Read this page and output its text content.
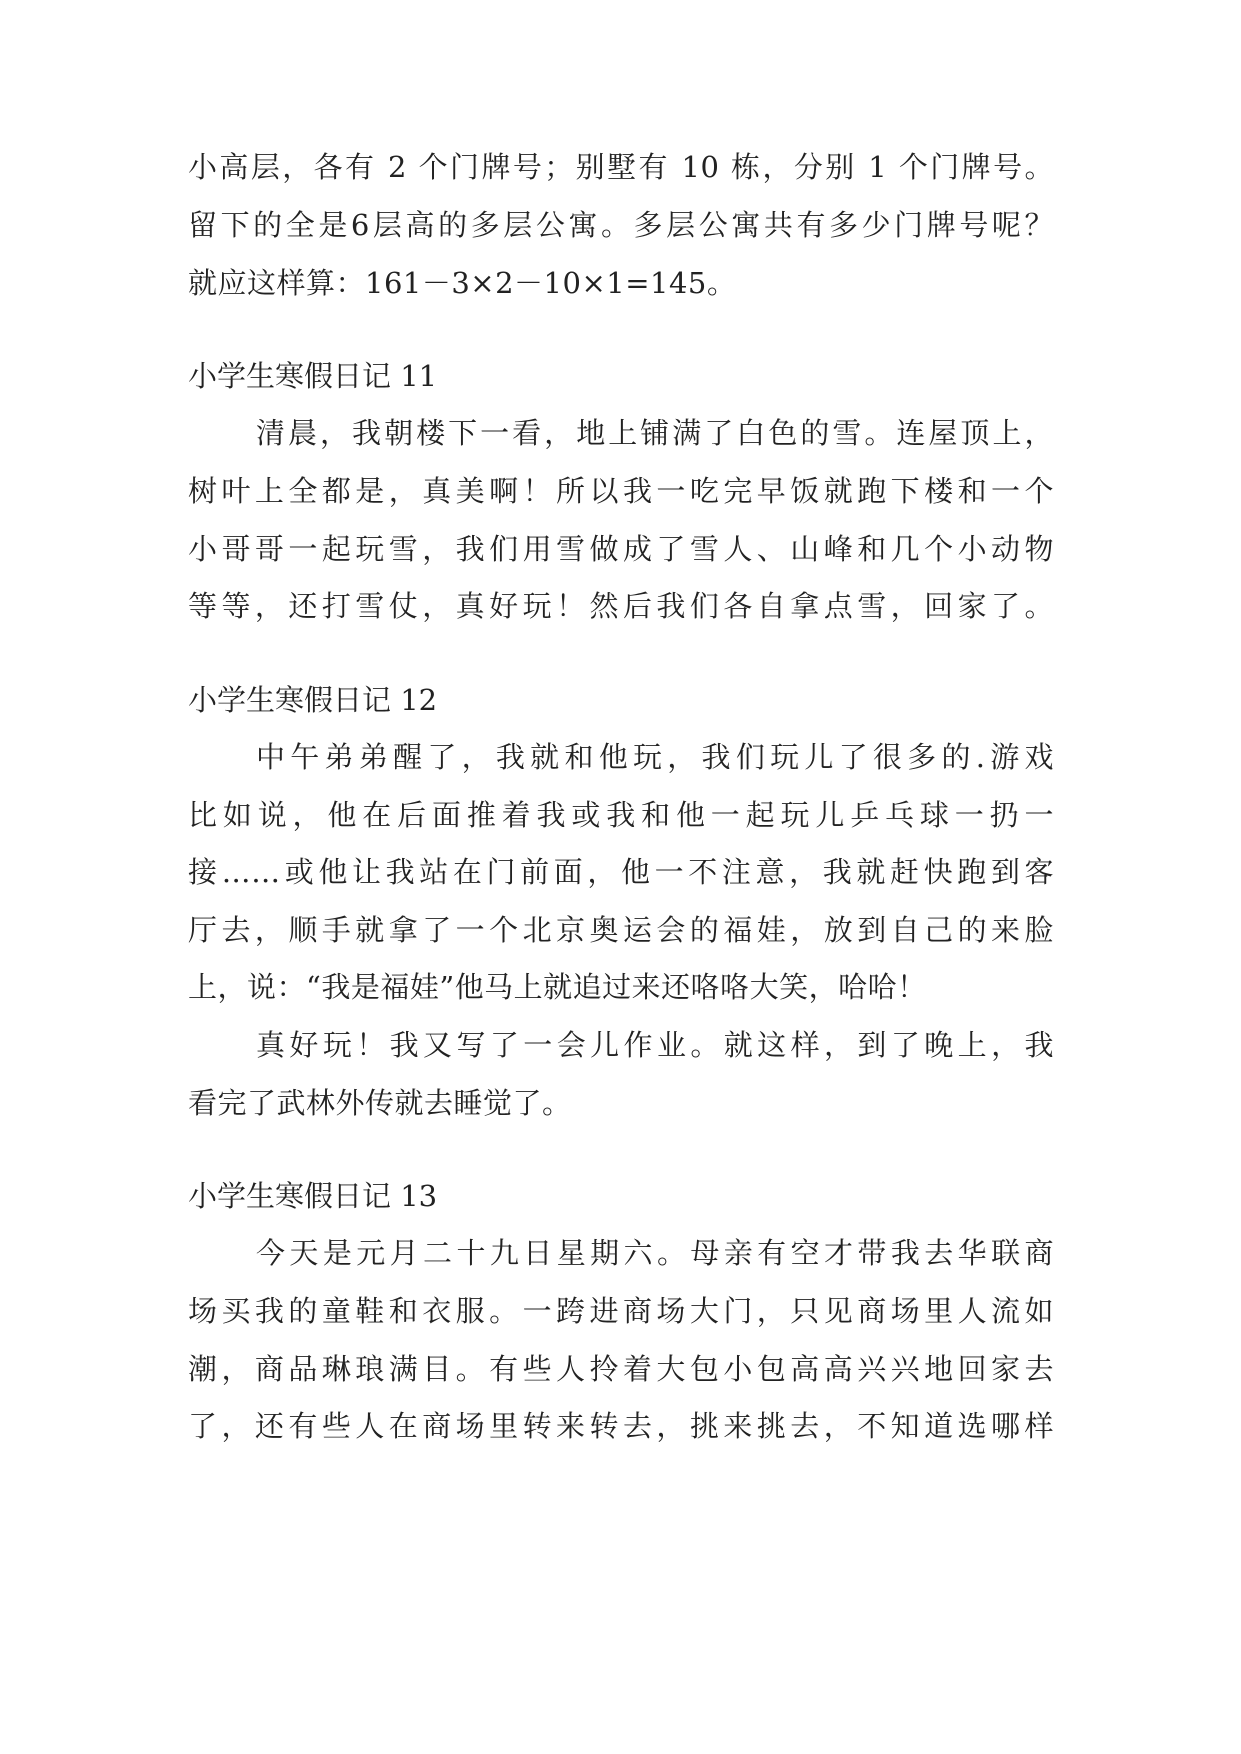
小高层，各有 2 个门牌号；别墅有 10 栋，分别 1 个门牌号。
留下的全是6层高的多层公寓。多层公寓共有多少门牌号呢？
就应这样算：161－3×2－10×1=145。
小学生寒假日记 11
清晨，我朝楼下一看，地上铺满了白色的雪。连屋顶上，
树叶上全都是，真美啊！所以我一吃完早饭就跑下楼和一个
小哥哥一起玩雪，我们用雪做成了雪人、山峰和几个小动物
等等，还打雪仗，真好玩！然后我们各自拿点雪，回家了。
小学生寒假日记 12
中午弟弟醒了，我就和他玩，我们玩儿了很多的.游戏
比如说，他在后面推着我或我和他一起玩儿乒乓球一扔一
接……或他让我站在门前面，他一不注意，我就赶快跑到客
厅去，顺手就拿了一个北京奥运会的福娃，放到自己的来脸
上，说：“我是福娃”他马上就追过来还咯咯大笑，哈哈！
真好玩！我又写了一会儿作业。就这样，到了晚上，我
看完了武林外传就去睡觉了。
小学生寒假日记 13
今天是元月二十九日星期六。母亲有空才带我去华联商
场买我的童鞋和衣服。一跨进商场大门，只见商场里人流如
潮，商品琳琅满目。有些人拎着大包小包高高兴兴地回家去
了，还有些人在商场里转来转去，挑来挑去，不知道选哪样
